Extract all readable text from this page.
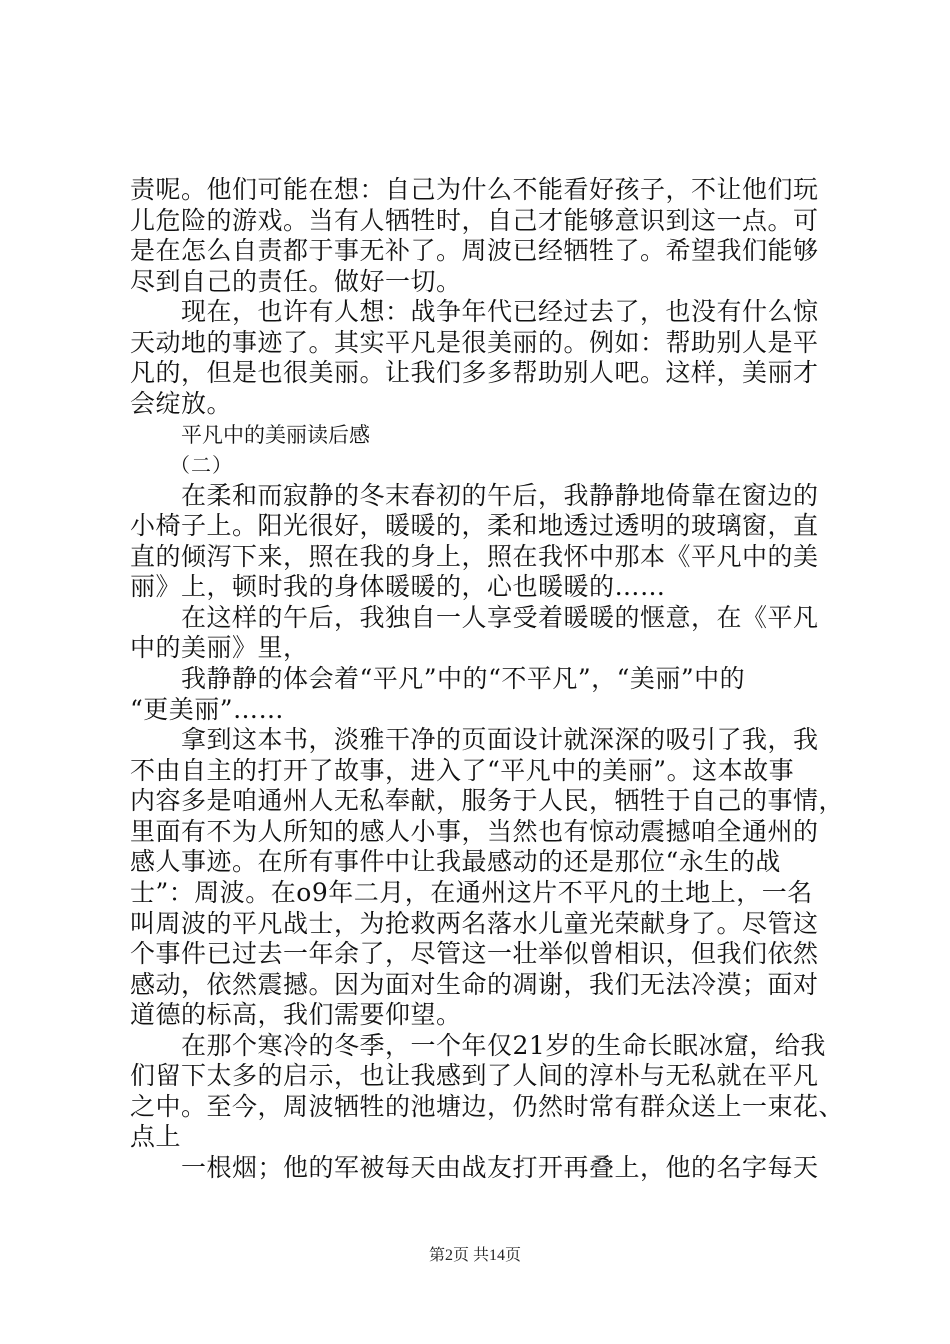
责呢。他们可能在想：自己为什么不能看好孩子，不让他们玩
儿危险的游戏。当有人牺牲时，自己才能够意识到这一点。可
是在怎么自责都于事无补了。周波已经牺牲了。希望我们能够
尽到自己的责任。做好一切。
现在，也许有人想：战争年代已经过去了，也没有什么惊
天动地的事迹了。其实平凡是很美丽的。例如：帮助别人是平
凡的，但是也很美丽。让我们多多帮助别人吧。这样，美丽才
会绽放。
平凡中的美丽读后感
（二）
在柔和而寂静的冬末春初的午后，我静静地倚靠在窗边的
小椅子上。阳光很好，暖暖的，柔和地透过透明的玻璃窗，直
直的倾泻下来，照在我的身上，照在我怀中那本《平凡中的美
丽》上，顿时我的身体暖暖的，心也暖暖的……
在这样的午后，我独自一人享受着暖暖的惬意，在《平凡
中的美丽》里，
我静静的体会着“平凡”中的“不平凡”，“美丽”中的
“更美丽”……
拿到这本书，淡雅干净的页面设计就深深的吸引了我，我
不由自主的打开了故事，进入了“平凡中的美丽”。这本故事
内容多是咱通州人无私奉献，服务于人民，牺牲于自己的事情，
里面有不为人所知的感人小事，当然也有惊动震撼咱全通州的
感人事迹。在所有事件中让我最感动的还是那位“永生的战
士”：周波。在o9年二月，在通州这片不平凡的土地上，一名
叫周波的平凡战士，为抢救两名落水儿童光荣献身了。尽管这
个事件已过去一年余了，尽管这一壮举似曾相识，但我们依然
感动，依然震撼。因为面对生命的凋谢，我们无法冷漠；面对
道德的标高，我们需要仰望。
在那个寒冷的冬季，一个年仅21岁的生命长眠冰窟，给我
们留下太多的启示，也让我感到了人间的淳朴与无私就在平凡
之中。至今，周波牺牲的池塘边，仍然时常有群众送上一束花、
点上
一根烟；他的军被每天由战友打开再叠上，他的名字每天
第2页 共14页
